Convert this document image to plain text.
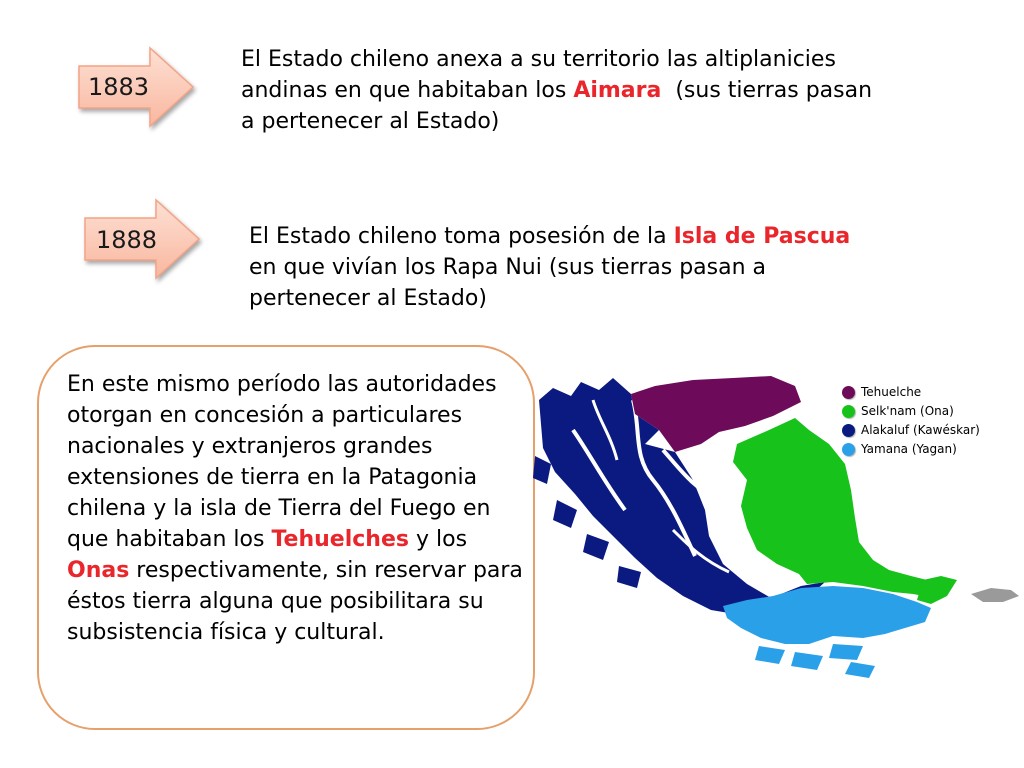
1883

El Estado chileno anexa a su territorio las altiplanicies
andinas en que habitaban los Aimara  (sus tierras pasan
a pertenecer al Estado)

1888	El Estado chileno toma posesión de la Isla de Pascua
en que vivían los Rapa Nui (sus tierras pasan a
pertenecer al Estado)

En este mismo período las autoridades otorgan en concesión a particulares nacionales y extranjeros grandes extensiones de tierra en la Patagonia chilena y la isla de Tierra del Fuego en que habitaban los Tehuelches y los Onas respectivamente, sin reservar para éstos tierra alguna que posibilitara su subsistencia física y cultural.

Tehuelche
Selk'nam (Ona)
Alakaluf (Kawéskar)
Yamana (Yagan)
